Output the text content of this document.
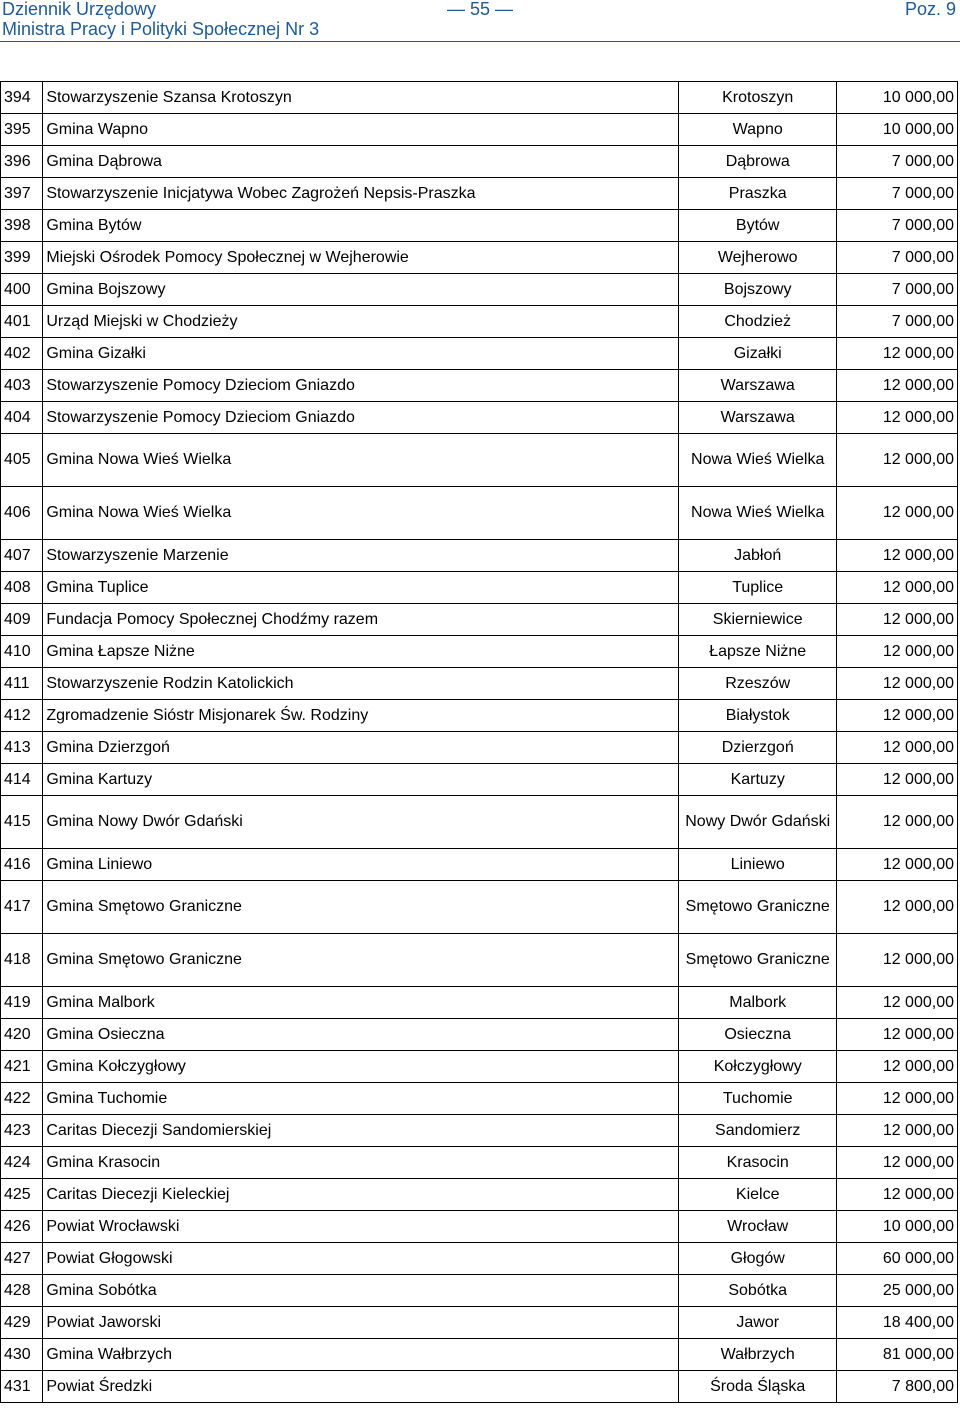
Dziennik Urzędowy
Ministra Pracy i Polityki Społecznej Nr 3
— 55 —	Poz. 9
394	Stowarzyszenie Szansa Krotoszyn	Krotoszyn	10 000,00
395	Gmina Wapno	Wapno	10 000,00
396	Gmina Dąbrowa	Dąbrowa	7 000,00
397	Stowarzyszenie Inicjatywa Wobec Zagrożeń Nepsis-Praszka	Praszka	7 000,00
398	Gmina Bytów	Bytów	7 000,00
399	Miejski Ośrodek Pomocy Społecznej w Wejherowie	Wejherowo	7 000,00
400	Gmina Bojszowy	Bojszowy	7 000,00
401	Urząd Miejski w Chodzieży	Chodzież	7 000,00
402	Gmina Gizałki	Gizałki	12 000,00
403	Stowarzyszenie Pomocy Dzieciom Gniazdo	Warszawa	12 000,00
404	Stowarzyszenie Pomocy Dzieciom Gniazdo	Warszawa	12 000,00
405	Gmina Nowa Wieś Wielka	Nowa Wieś Wielka	12 000,00
406	Gmina Nowa Wieś Wielka	Nowa Wieś Wielka	12 000,00
407	Stowarzyszenie Marzenie	Jabłoń	12 000,00
408	Gmina Tuplice	Tuplice	12 000,00
409	Fundacja Pomocy Społecznej Chodźmy razem	Skierniewice	12 000,00
410	Gmina Łapsze Niżne	Łapsze Niżne	12 000,00
411	Stowarzyszenie Rodzin Katolickich	Rzeszów	12 000,00
412	Zgromadzenie Sióstr Misjonarek Św. Rodziny	Białystok	12 000,00
413	Gmina Dzierzgoń	Dzierzgoń	12 000,00
414	Gmina Kartuzy	Kartuzy	12 000,00
415	Gmina Nowy Dwór Gdański	Nowy Dwór Gdański	12 000,00
416	Gmina Liniewo	Liniewo	12 000,00
417	Gmina Smętowo Graniczne	Smętowo Graniczne	12 000,00
418	Gmina Smętowo Graniczne	Smętowo Graniczne	12 000,00
419	Gmina Malbork	Malbork	12 000,00
420	Gmina Osieczna	Osieczna	12 000,00
421	Gmina Kołczygłowy	Kołczygłowy	12 000,00
422	Gmina Tuchomie	Tuchomie	12 000,00
423	Caritas Diecezji Sandomierskiej	Sandomierz	12 000,00
424	Gmina Krasocin	Krasocin	12 000,00
425	Caritas Diecezji Kieleckiej	Kielce	12 000,00
426	Powiat Wrocławski	Wrocław	10 000,00
427	Powiat Głogowski	Głogów	60 000,00
428	Gmina Sobótka	Sobótka	25 000,00
429	Powiat Jaworski	Jawor	18 400,00
430	Gmina Wałbrzych	Wałbrzych	81 000,00
431	Powiat Średzki	Środa Śląska	7 800,00
